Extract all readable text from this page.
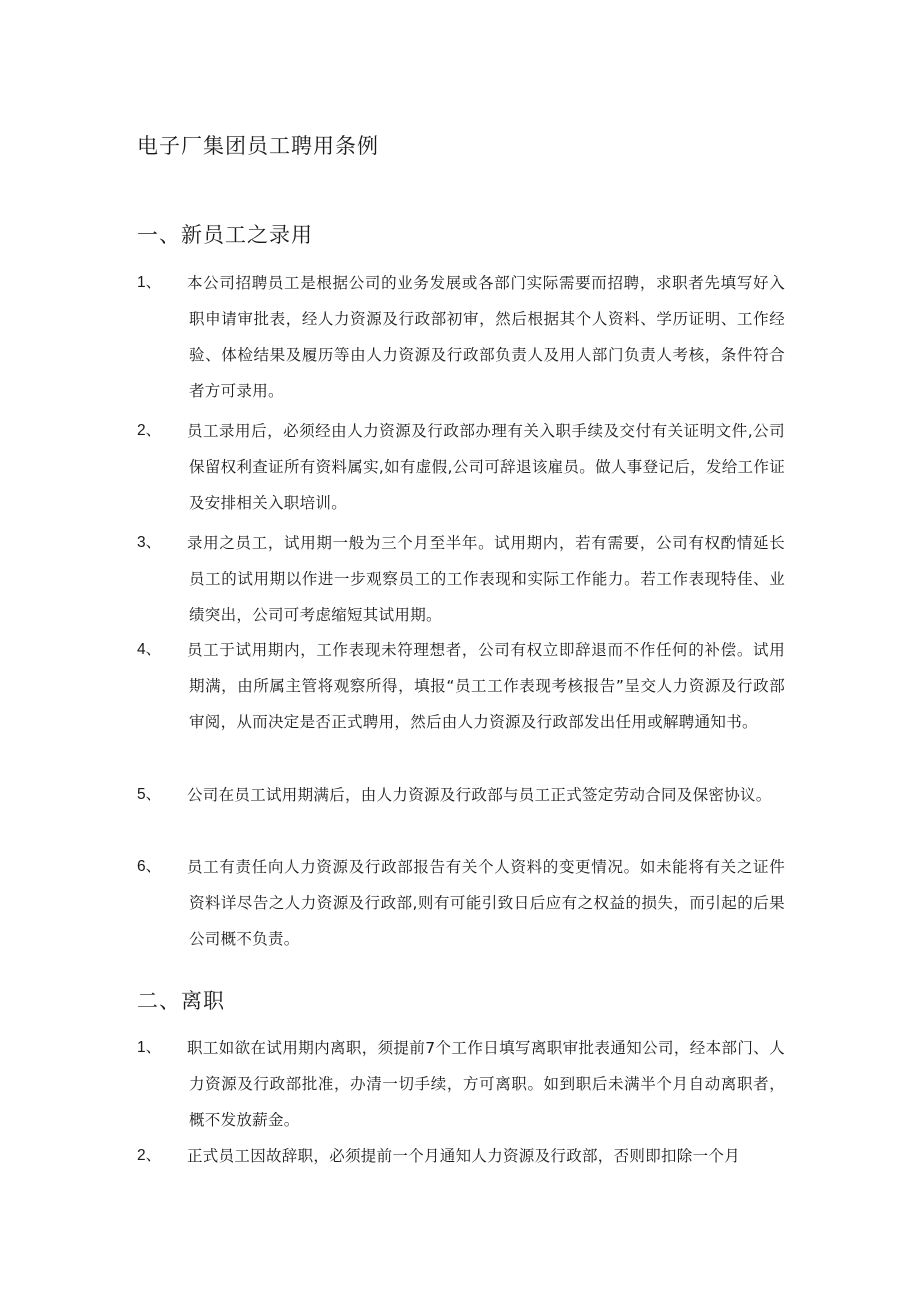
电子厂集团员工聘用条例
一、新员工之录用
1、 本公司招聘员工是根据公司的业务发展或各部门实际需要而招聘，求职者先填写好入职申请审批表，经人力资源及行政部初审，然后根据其个人资料、学历证明、工作经验、体检结果及履历等由人力资源及行政部负责人及用人部门负责人考核，条件符合者方可录用。
2、 员工录用后，必须经由人力资源及行政部办理有关入职手续及交付有关证明文件,公司保留权利查证所有资料属实,如有虚假,公司可辞退该雇员。做人事登记后，发给工作证及安排相关入职培训。
3、 录用之员工，试用期一般为三个月至半年。试用期内，若有需要，公司有权酌情延长员工的试用期以作进一步观察员工的工作表现和实际工作能力。若工作表现特佳、业绩突出，公司可考虑缩短其试用期。
4、 员工于试用期内，工作表现未符理想者，公司有权立即辞退而不作任何的补偿。试用期满，由所属主管将观察所得，填报“员工工作表现考核报告”呈交人力资源及行政部审阅，从而决定是否正式聘用，然后由人力资源及行政部发出任用或解聘通知书。
5、 公司在员工试用期满后，由人力资源及行政部与员工正式签定劳动合同及保密协议。
6、 员工有责任向人力资源及行政部报告有关个人资料的变更情况。如未能将有关之证件资料详尽告之人力资源及行政部,则有可能引致日后应有之权益的损失，而引起的后果公司概不负责。
二、离职
1、 职工如欲在试用期内离职，须提前7个工作日填写离职审批表通知公司，经本部门、人力资源及行政部批准，办清一切手续，方可离职。如到职后未满半个月自动离职者，概不发放薪金。
2、 正式员工因故辞职，必须提前一个月通知人力资源及行政部，否则即扣除一个月
